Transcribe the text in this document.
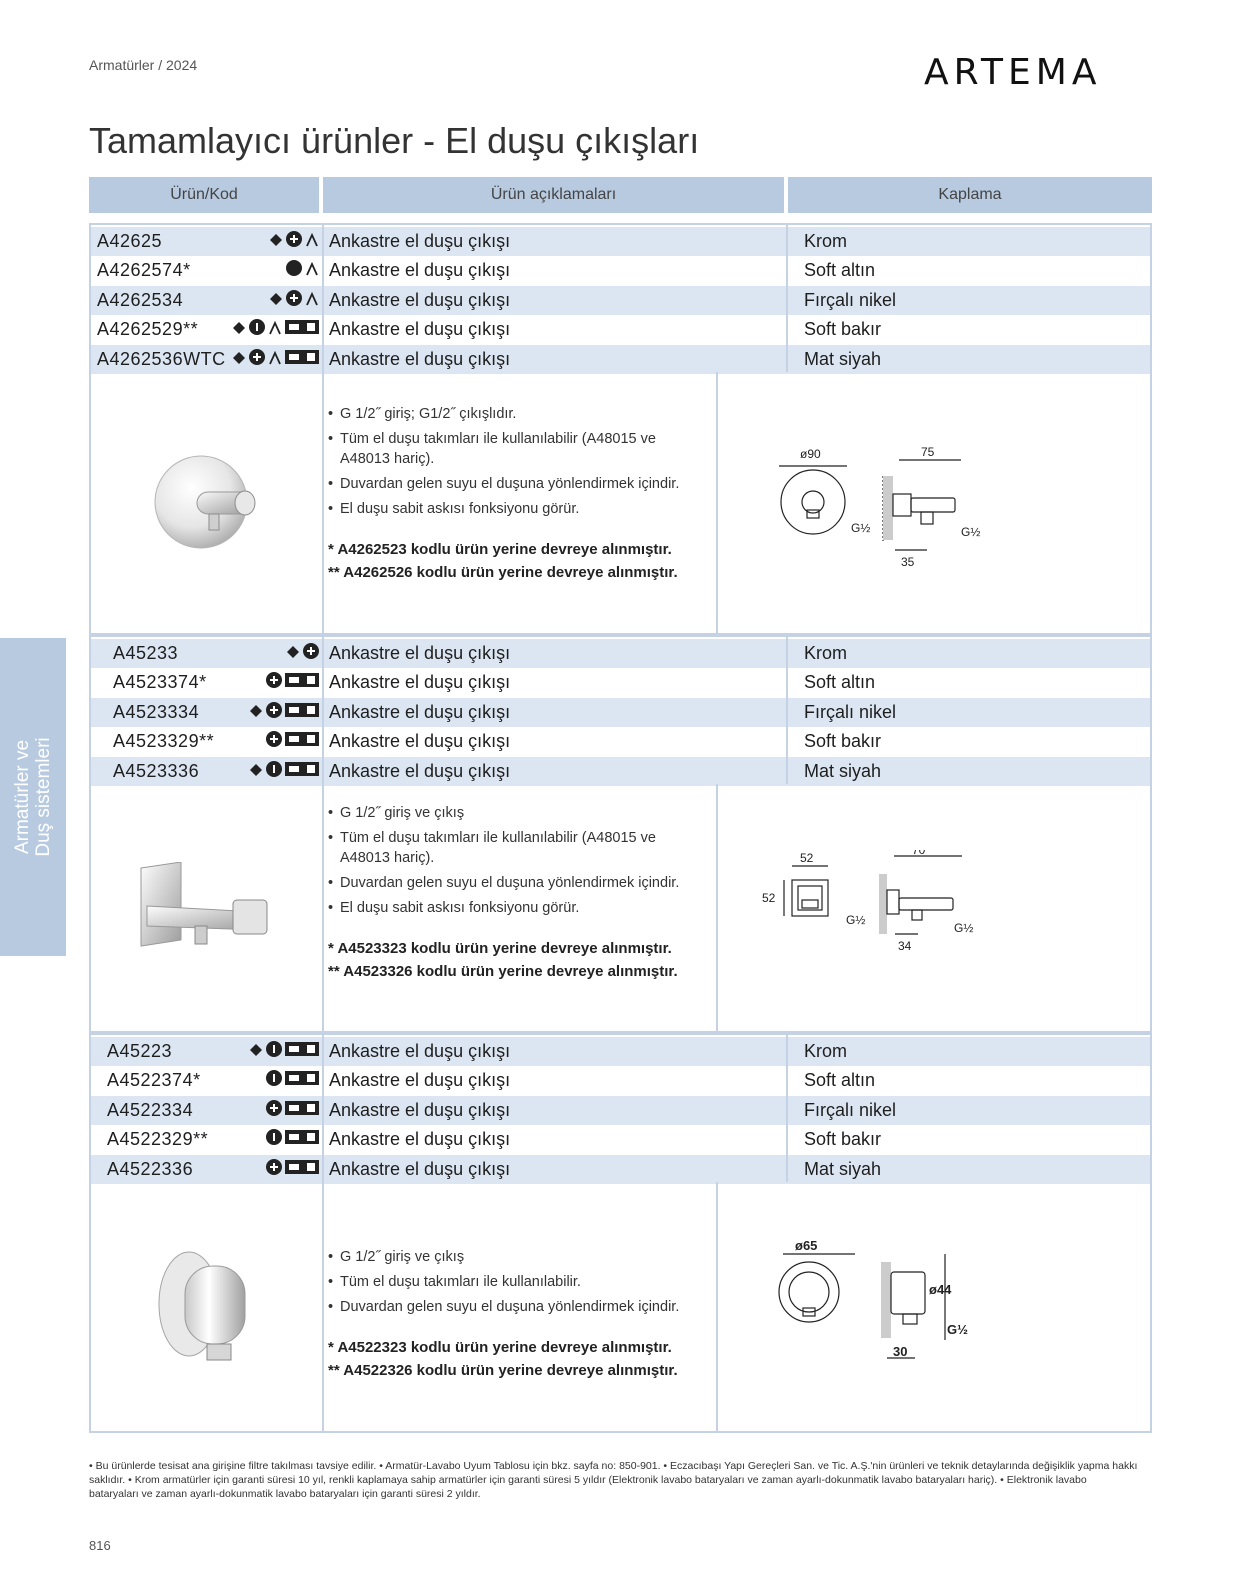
Armatürler / 2024	ARTEMA
Tamamlayıcı ürünler - El duşu çıkışları
Ürün/Kod	Ürün açıklamaları	Kaplama
Armatürler ve
Duş sistemleri
A42625	Ankastre el duşu çıkışı	Krom
A4262574*	Ankastre el duşu çıkışı	Soft altın
A4262534	Ankastre el duşu çıkışı	Fırçalı nikel
A4262529**	Ankastre el duşu çıkışı	Soft bakır
A4262536WTC	Ankastre el duşu çıkışı	Mat siyah
• G 1/2˝ giriş; G1/2˝ çıkışlıdır.
• Tüm el duşu takımları ile kullanılabilir (A48015 ve A48013 hariç).
• Duvardan gelen suyu el duşuna yönlendirmek içindir.
• El duşu sabit askısı fonksiyonu görür.
* A4262523 kodlu ürün yerine devreye alınmıştır.
** A4262526 kodlu ürün yerine devreye alınmıştır.
ø90	75
35
G½	G½
A45233	Ankastre el duşu çıkışı	Krom
A4523374*	Ankastre el duşu çıkışı	Soft altın
A4523334	Ankastre el duşu çıkışı	Fırçalı nikel
A4523329**	Ankastre el duşu çıkışı	Soft bakır
A4523336	Ankastre el duşu çıkışı	Mat siyah
• G 1/2˝ giriş ve çıkış
• Tüm el duşu takımları ile kullanılabilir (A48015 ve A48013 hariç).
• Duvardan gelen suyu el duşuna yönlendirmek içindir.
• El duşu sabit askısı fonksiyonu görür.
* A4523323 kodlu ürün yerine devreye alınmıştır.
** A4523326 kodlu ürün yerine devreye alınmıştır.
52
52
70
34
G½
G½
A45223	Ankastre el duşu çıkışı	Krom
A4522374*	Ankastre el duşu çıkışı	Soft altın
A4522334	Ankastre el duşu çıkışı	Fırçalı nikel
A4522329**	Ankastre el duşu çıkışı	Soft bakır
A4522336	Ankastre el duşu çıkışı	Mat siyah
• G 1/2˝ giriş ve çıkış
• Tüm el duşu takımları ile kullanılabilir.
• Duvardan gelen suyu el duşuna yönlendirmek içindir.
* A4522323 kodlu ürün yerine devreye alınmıştır.
** A4522326 kodlu ürün yerine devreye alınmıştır.
ø65
ø44
30
G½
• Bu ürünlerde tesisat ana girişine filtre takılması tavsiye edilir. • Armatür-Lavabo Uyum Tablosu için bkz. sayfa no: 850-901. • Eczacıbaşı Yapı Gereçleri San. ve Tic. A.Ş.'nin ürünleri ve teknik detaylarında değişiklik yapma hakkı saklıdır. • Krom armatürler için garanti süresi 10 yıl, renkli kaplamaya sahip armatürler için garanti süresi 5 yıldır (Elektronik lavabo bataryaları ve zaman ayarlı-dokunmatik lavabo bataryaları hariç). • Elektronik lavabo bataryaları ve zaman ayarlı-dokunmatik lavabo bataryaları için garanti süresi 2 yıldır.
816
